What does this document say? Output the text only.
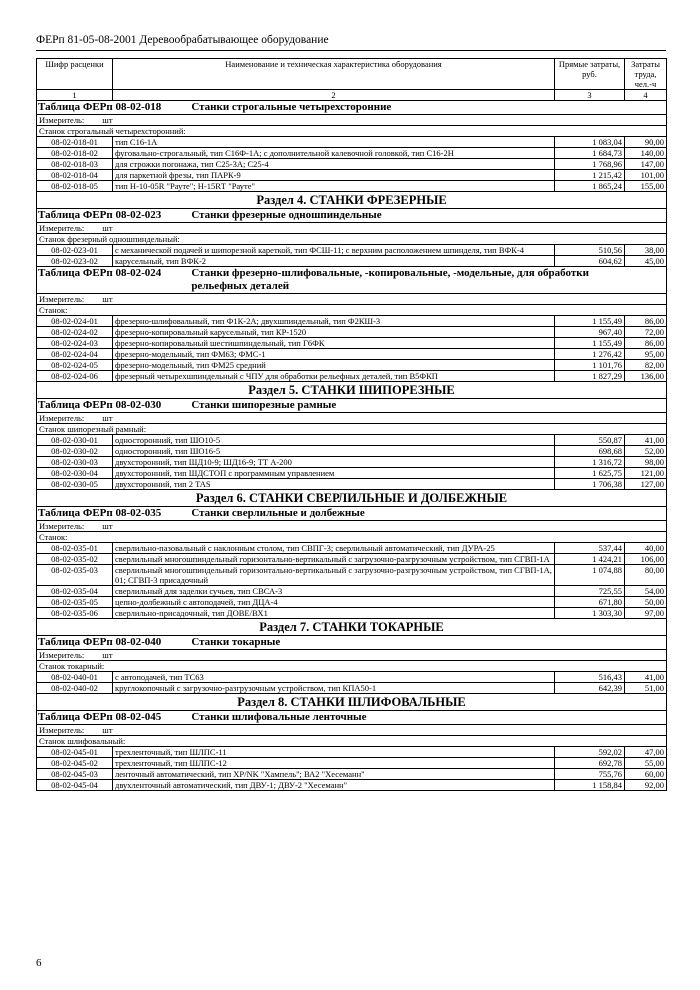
ФЕРп 81-05-08-2001 Деревообрабатывающее оборудование
Шифр расценки	Наименование и техническая характеристика оборудования	Прямые затраты, руб.	Затраты труда, чел.-ч
1	2	3	4
Таблица ФЕРп 08-02-018 Станки строгальные четырехсторонние			
Измеритель: шт			
Станок строгальный четырехсторонний:			
08-02-018-01	тип С16-1А	1 083,04	90,00
08-02-018-02	фуговально-строгальный, тип С16Ф-1А; с дополнительной калевочной головкой, тип С16-2Н	1 684,73	140,00
08-02-018-03	для строжки погонажа, тип С25-3А; С25-4	1 768,96	147,00
08-02-018-04	для паркетной фрезы, тип ПАРК-9	1 215,42	101,00
08-02-018-05	тип Н-10-05R "Рауте"; Н-15RТ "Рауте"	1 865,24	155,00
Раздел 4. СТАНКИ ФРЕЗЕРНЫЕ			
Таблица ФЕРп 08-02-023 Станки фрезерные одношпиндельные			
Измеритель: шт			
Станок фрезерный одношпиндельный:			
08-02-023-01	с механической подачей и шипорезной кареткой, тип ФСШ-11; с верхним расположением шпинделя, тип ВФК-4	510,56	38,00
08-02-023-02	карусельный, тип ВФК-2	604,62	45,00
Таблица ФЕРп 08-02-024 Станки фрезерно-шлифовальные, -копировальные, -модельные, для обработки рельефных деталей			
Измеритель: шт			
Станок:			
08-02-024-01	фрезерно-шлифовальный, тип Ф1К-2А; двухшпиндельный, тип Ф2КШ-3	1 155,49	86,00
08-02-024-02	фрезерно-копировальный карусельный, тип КР-1520	967,40	72,00
08-02-024-03	фрезерно-копировальный шестишпиндельный, тип Г6ФК	1 155,49	86,00
08-02-024-04	фрезерно-модельный, тип ФМ63; ФМС-1	1 276,42	95,00
08-02-024-05	фрезерно-модельный, тип ФМ25 средний	1 101,76	82,00
08-02-024-06	фрезерный четырехшпиндельный с ЧПУ для обработки рельефных деталей, тип В5ФКП	1 827,29	136,00
Раздел 5. СТАНКИ ШИПОРЕЗНЫЕ			
Таблица ФЕРп 08-02-030 Станки шипорезные рамные			
Измеритель: шт			
Станок шипорезный рамный:			
08-02-030-01	односторонний, тип ШО10-5	550,87	41,00
08-02-030-02	односторонний, тип ШО16-5	698,68	52,00
08-02-030-03	двухсторонний, тип ШД10-9; ШД16-9; ТТ А-200	1 316,72	98,00
08-02-030-04	двухсторонний, тип ШДСТОП с программным управлением	1 625,75	121,00
08-02-030-05	двухсторонний, тип 2 TAS	1 706,38	127,00
Раздел 6. СТАНКИ СВЕРЛИЛЬНЫЕ И ДОЛБЕЖНЫЕ			
Таблица ФЕРп 08-02-035 Станки сверлильные и долбежные			
Измеритель: шт			
Станок:			
08-02-035-01	сверлильно-пазовальный с наклонным столом, тип СВПГ-3; сверлильный автоматический, тип ДУРА-25	537,44	40,00
08-02-035-02	сверлильный многошпиндельный горизонтально-вертикальный с загрузочно-разгрузочным устройством, тип СГВП-1А	1 424,21	106,00
08-02-035-03	сверлильный многошпиндельный горизонтально-вертикальный с загрузочно-разгрузочным устройством, тип СГВП-1А, 01; СГВП-3 присадочный	1 074,88	80,00
08-02-035-04	сверлильный для заделки сучьев, тип СВСА-3	725,55	54,00
08-02-035-05	цепно-долбежный с автоподачей, тип ДЦА-4	671,80	50,00
08-02-035-06	сверлильно-присадочный, тип ДОВЕ/ВХ1	1 303,30	97,00
Раздел 7. СТАНКИ ТОКАРНЫЕ			
Таблица ФЕРп 08-02-040 Станки токарные			
Измеритель: шт			
Станок токарный:			
08-02-040-01	с автоподачей, тип ТС63	516,43	41,00
08-02-040-02	круглокопочный с загрузочно-разгрузочным устройством, тип КПА50-1	642,39	51,00
Раздел 8. СТАНКИ ШЛИФОВАЛЬНЫЕ			
Таблица ФЕРп 08-02-045 Станки шлифовальные ленточные			
Измеритель: шт			
Станок шлифовальный:			
08-02-045-01	трехленточный, тип ШЛПС-11	592,02	47,00
08-02-045-02	трехленточный, тип ШЛПС-12	692,78	55,00
08-02-045-03	ленточный автоматический, тип XP/NK "Хампель"; ВА2 "Хесеманн"	755,76	60,00
08-02-045-04	двухленточный автоматический, тип ДВУ-1; ДВУ-2 "Хесеманн"	1 158,84	92,00
6
